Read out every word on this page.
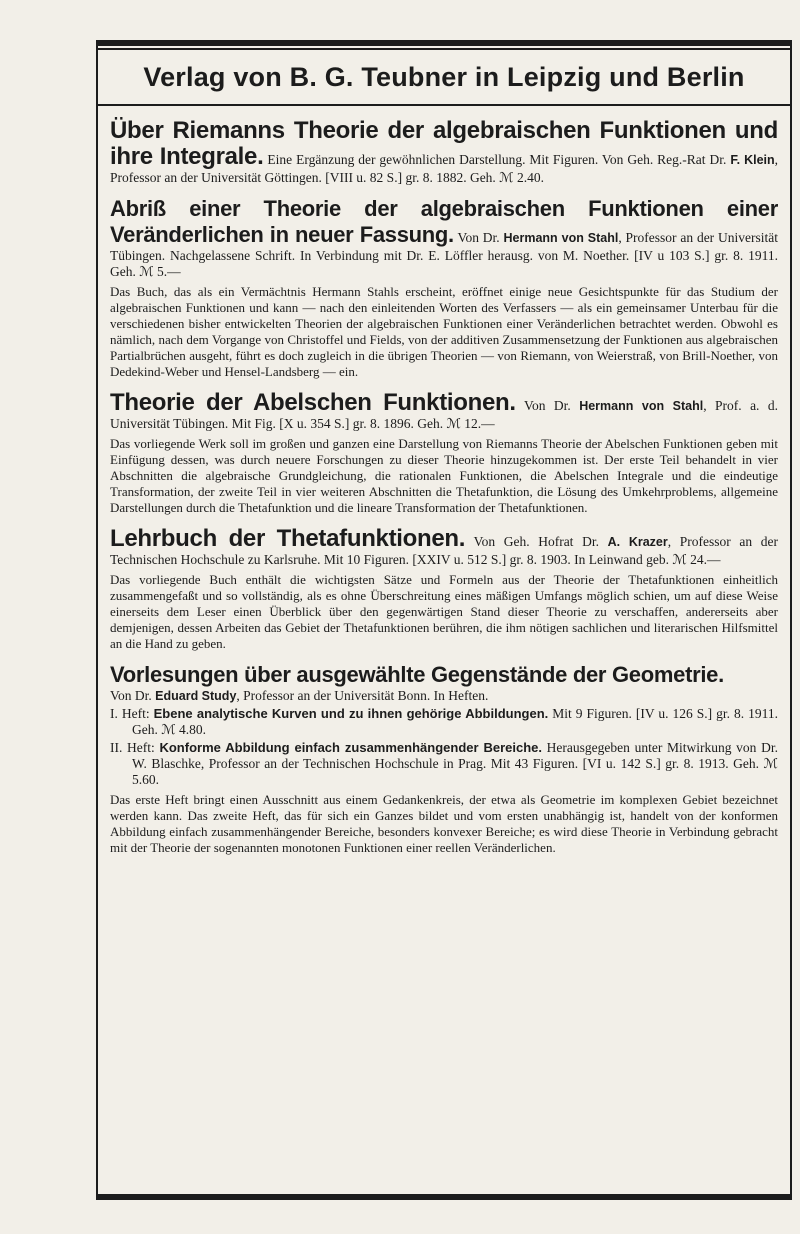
Verlag von B. G. Teubner in Leipzig und Berlin
Über Riemanns Theorie der algebraischen Funktionen und ihre Integrale. Eine Ergänzung der gewöhnlichen Darstellung. Mit Figuren. Von Geh. Reg.-Rat Dr. F. Klein, Professor an der Universität Göttingen. [VIII u. 82 S.] gr. 8. 1882. Geh. ℳ 2.40.
Abriß einer Theorie der algebraischen Funktionen einer Veränderlichen in neuer Fassung. Von Dr. Hermann von Stahl, Professor an der Universität Tübingen. Nachgelassene Schrift. In Verbindung mit Dr. E. Löffler herausg. von M. Noether. [IV u 103 S.] gr. 8. 1911. Geh. ℳ 5.—
Das Buch, das als ein Vermächtnis Hermann Stahls erscheint, eröffnet einige neue Gesichtspunkte für das Studium der algebraischen Funktionen und kann — nach den einleitenden Worten des Verfassers — als ein gemeinsamer Unterbau für die verschiedenen bisher entwickelten Theorien der algebraischen Funktionen einer Veränderlichen betrachtet werden. Obwohl es nämlich, nach dem Vorgange von Christoffel und Fields, von der additiven Zusammensetzung der Funktionen aus algebraischen Partialbrüchen ausgeht, führt es doch zugleich in die übrigen Theorien — von Riemann, von Weierstraß, von Brill-Noether, von Dedekind-Weber und Hensel-Landsberg — ein.
Theorie der Abelschen Funktionen. Von Dr. Hermann von Stahl, Prof. a. d. Universität Tübingen. Mit Fig. [X u. 354 S.] gr. 8. 1896. Geh. ℳ 12.—
Das vorliegende Werk soll im großen und ganzen eine Darstellung von Riemanns Theorie der Abelschen Funktionen geben mit Einfügung dessen, was durch neuere Forschungen zu dieser Theorie hinzugekommen ist. Der erste Teil behandelt in vier Abschnitten die algebraische Grundgleichung, die rationalen Funktionen, die Abelschen Integrale und die eindeutige Transformation, der zweite Teil in vier weiteren Abschnitten die Thetafunktion, die Lösung des Umkehrproblems, allgemeine Darstellungen durch die Thetafunktion und die lineare Transformation der Thetafunktionen.
Lehrbuch der Thetafunktionen. Von Geh. Hofrat Dr. A. Krazer, Professor an der Technischen Hochschule zu Karlsruhe. Mit 10 Figuren. [XXIV u. 512 S.] gr. 8. 1903. In Leinwand geb. ℳ 24.—
Das vorliegende Buch enthält die wichtigsten Sätze und Formeln aus der Theorie der Thetafunktionen einheitlich zusammengefaßt und so vollständig, als es ohne Überschreitung eines mäßigen Umfangs möglich schien, um auf diese Weise einerseits dem Leser einen Überblick über den gegenwärtigen Stand dieser Theorie zu verschaffen, andererseits aber demjenigen, dessen Arbeiten das Gebiet der Thetafunktionen berühren, die ihm nötigen sachlichen und literarischen Hilfsmittel an die Hand zu geben.
Vorlesungen über ausgewählte Gegenstände der Geometrie.
Von Dr. Eduard Study, Professor an der Universität Bonn. In Heften.
I. Heft: Ebene analytische Kurven und zu ihnen gehörige Abbildungen. Mit 9 Figuren. [IV u. 126 S.] gr. 8. 1911. Geh. ℳ 4.80.
II. Heft: Konforme Abbildung einfach zusammenhängender Bereiche. Herausgegeben unter Mitwirkung von Dr. W. Blaschke, Professor an der Technischen Hochschule in Prag. Mit 43 Figuren. [VI u. 142 S.] gr. 8. 1913. Geh. ℳ 5.60.
Das erste Heft bringt einen Ausschnitt aus einem Gedankenkreis, der etwa als Geometrie im komplexen Gebiet bezeichnet werden kann. Das zweite Heft, das für sich ein Ganzes bildet und vom ersten unabhängig ist, handelt von der konformen Abbildung einfach zusammenhängender Bereiche, besonders konvexer Bereiche; es wird diese Theorie in Verbindung gebracht mit der Theorie der sogenannten monotonen Funktionen einer reellen Veränderlichen.
